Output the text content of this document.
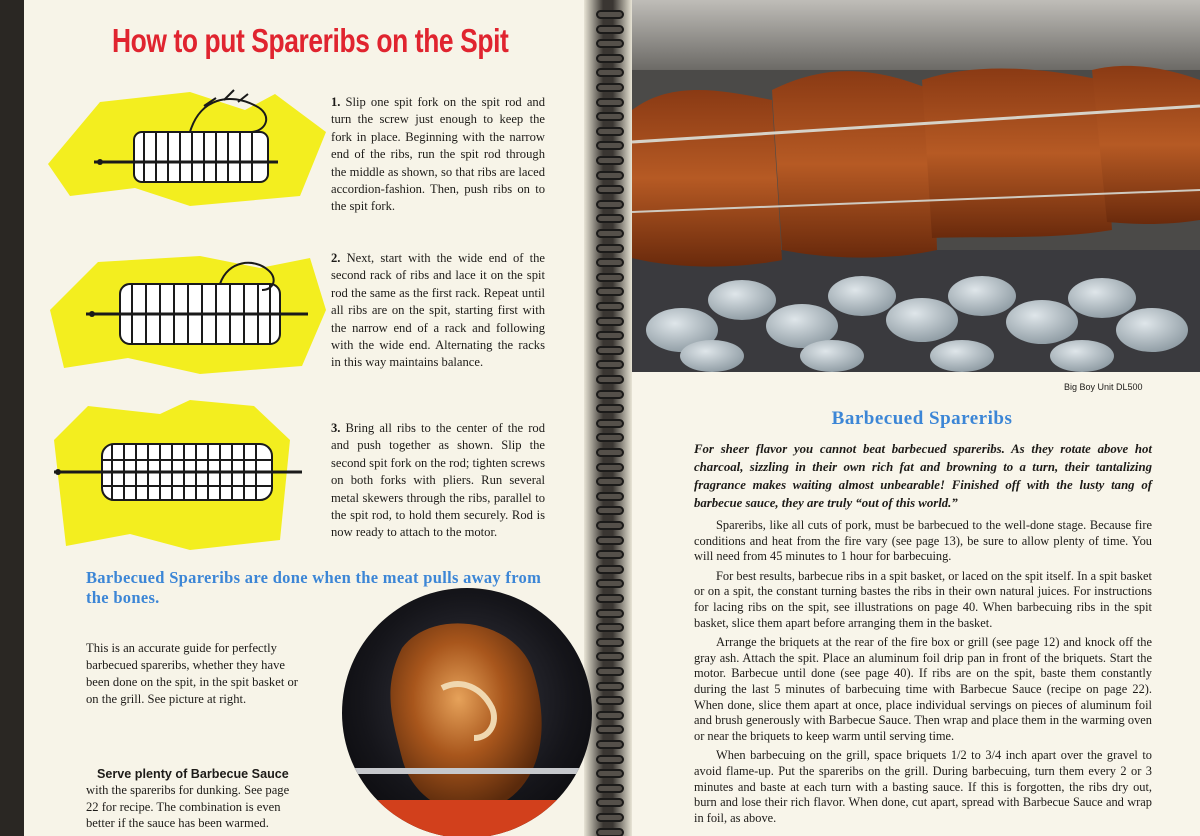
How to put Spareribs on the Spit
1. Slip one spit fork on the spit rod and turn the screw just enough to keep the fork in place. Beginning with the narrow end of the ribs, run the spit rod through the middle as shown, so that ribs are laced accordion-fashion. Then, push ribs on to the spit fork.
2. Next, start with the wide end of the second rack of ribs and lace it on the spit rod the same as the first rack. Repeat until all ribs are on the spit, starting first with the narrow end of a rack and following with the wide end. Alternating the racks in this way maintains balance.
3. Bring all ribs to the center of the rod and push together as shown. Slip the second spit fork on the rod; tighten screws on both forks with pliers. Run several metal skewers through the ribs, parallel to the spit rod, to hold them securely. Rod is now ready to attach to the motor.
Barbecued Spareribs are done when the meat pulls away from the bones.

This is an accurate guide for perfectly barbecued spareribs, whether they have been done on the spit, in the spit basket or on the grill. See picture at right.

Serve plenty of Barbecue Sauce

with the spareribs for dunking. See page 22 for recipe. The combination is even better if the sauce has been warmed.

Big Boy Unit DL500
Barbecued Spareribs

For sheer flavor you cannot beat barbecued spareribs. As they rotate above hot charcoal, sizzling in their own rich fat and browning to a turn, their tantalizing fragrance makes waiting almost unbearable! Finished off with the lusty tang of barbecue sauce, they are truly “out of this world.”

Spareribs, like all cuts of pork, must be barbecued to the well-done stage. Because fire conditions and heat from the fire vary (see page 13), be sure to allow plenty of time. You will need from 45 minutes to 1 hour for barbecuing.

For best results, barbecue ribs in a spit basket, or laced on the spit itself. In a spit basket or on a spit, the constant turning bastes the ribs in their own natural juices. For instructions for lacing ribs on the spit, see illustrations on page 40. When barbecuing ribs in the spit basket, slice them apart before arranging them in the basket.

Arrange the briquets at the rear of the fire box or grill (see page 12) and knock off the gray ash. Attach the spit. Place an aluminum foil drip pan in front of the briquets. Start the motor. Barbecue until done (see page 40). If ribs are on the spit, baste them constantly during the last 5 minutes of barbecuing time with Barbecue Sauce (recipe on page 22). When done, slice them apart at once, place individual servings on pieces of aluminum foil and brush generously with Barbecue Sauce. Then wrap and place them in the warming oven or near the briquets to keep warm until serving time.

When barbecuing on the grill, space briquets 1/2 to 3/4 inch apart over the gravel to avoid flame-up. Put the spareribs on the grill. During barbecuing, turn them every 2 or 3 minutes and baste at each turn with a basting sauce. If this is forgotten, the ribs dry out, burn and lose their rich flavor. When done, cut apart, spread with Barbecue Sauce and wrap in foil, as above.
